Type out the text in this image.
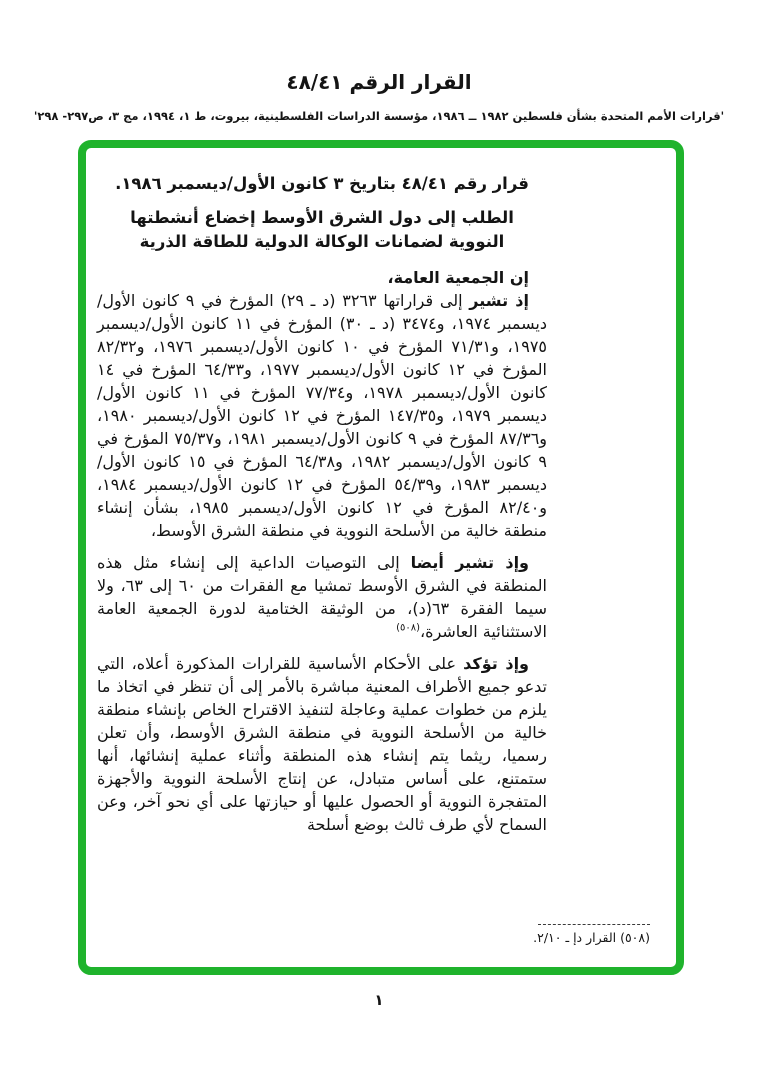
القرار الرقم ٤٨/٤١
'قرارات الأمم المتحدة بشأن فلسطين ١٩٨٢ ــ ١٩٨٦، مؤسسة الدراسات الفلسطينية، بيروت، ط ١، ١٩٩٤، مج ٣، ص٢٩٧- ٢٩٨'
قرار رقم ٤٨/٤١ بتاريخ ٣ كانون الأول/ديسمبر ١٩٨٦.
الطلب إلى دول الشرق الأوسط إخضاع أنشطتها
النووية لضمانات الوكالة الدولية للطاقة الذرية

إن الجمعية العامة،

إذ تشير إلى قراراتها ٣٢٦٣ (د ـ ٢٩) المؤرخ في ٩ كانون الأول/ديسمبر ١٩٧٤، و٣٤٧٤ (د ـ ٣٠) المؤرخ في ١١ كانون الأول/ديسمبر ١٩٧٥، و٧١/٣١ المؤرخ في ١٠ كانون الأول/ديسمبر ١٩٧٦، و٨٢/٣٢ المؤرخ في ١٢ كانون الأول/ديسمبر ١٩٧٧، و٦٤/٣٣ المؤرخ في ١٤ كانون الأول/ديسمبر ١٩٧٨، و٧٧/٣٤ المؤرخ في ١١ كانون الأول/ديسمبر ١٩٧٩، و١٤٧/٣٥ المؤرخ في ١٢ كانون الأول/ديسمبر ١٩٨٠، و٨٧/٣٦ المؤرخ في ٩ كانون الأول/ديسمبر ١٩٨١، و٧٥/٣٧ المؤرخ في ٩ كانون الأول/ديسمبر ١٩٨٢، و٦٤/٣٨ المؤرخ في ١٥ كانون الأول/ديسمبر ١٩٨٣، و٥٤/٣٩ المؤرخ في ١٢ كانون الأول/ديسمبر ١٩٨٤، و٨٢/٤٠ المؤرخ في ١٢ كانون الأول/ديسمبر ١٩٨٥، بشأن إنشاء منطقة خالية من الأسلحة النووية في منطقة الشرق الأوسط،

وإذ تشير أيضا إلى التوصيات الداعية إلى إنشاء مثل هذه المنطقة في الشرق الأوسط تمشيا مع الفقرات من ٦٠ إلى ٦٣، ولا سيما الفقرة ٦٣(د)، من الوثيقة الختامية لدورة الجمعية العامة الاستثنائية العاشرة،$^{(٥٠٨)}$

وإذ تؤكد على الأحكام الأساسية للقرارات المذكورة أعلاه، التي تدعو جميع الأطراف المعنية مباشرة بالأمر إلى أن تنظر في اتخاذ ما يلزم من خطوات عملية وعاجلة لتنفيذ الاقتراح الخاص بإنشاء منطقة خالية من الأسلحة النووية في منطقة الشرق الأوسط، وأن تعلن رسميا، ريثما يتم إنشاء هذه المنطقة وأثناء عملية إنشائها، أنها ستمتنع، على أساس متبادل، عن إنتاج الأسلحة النووية والأجهزة المتفجرة النووية أو الحصول عليها أو حيازتها على أي نحو آخر، وعن السماح لأي طرف ثالث بوضع أسلحة

(٥٠٨) القرار دإ ـ ٢/١٠.
١
